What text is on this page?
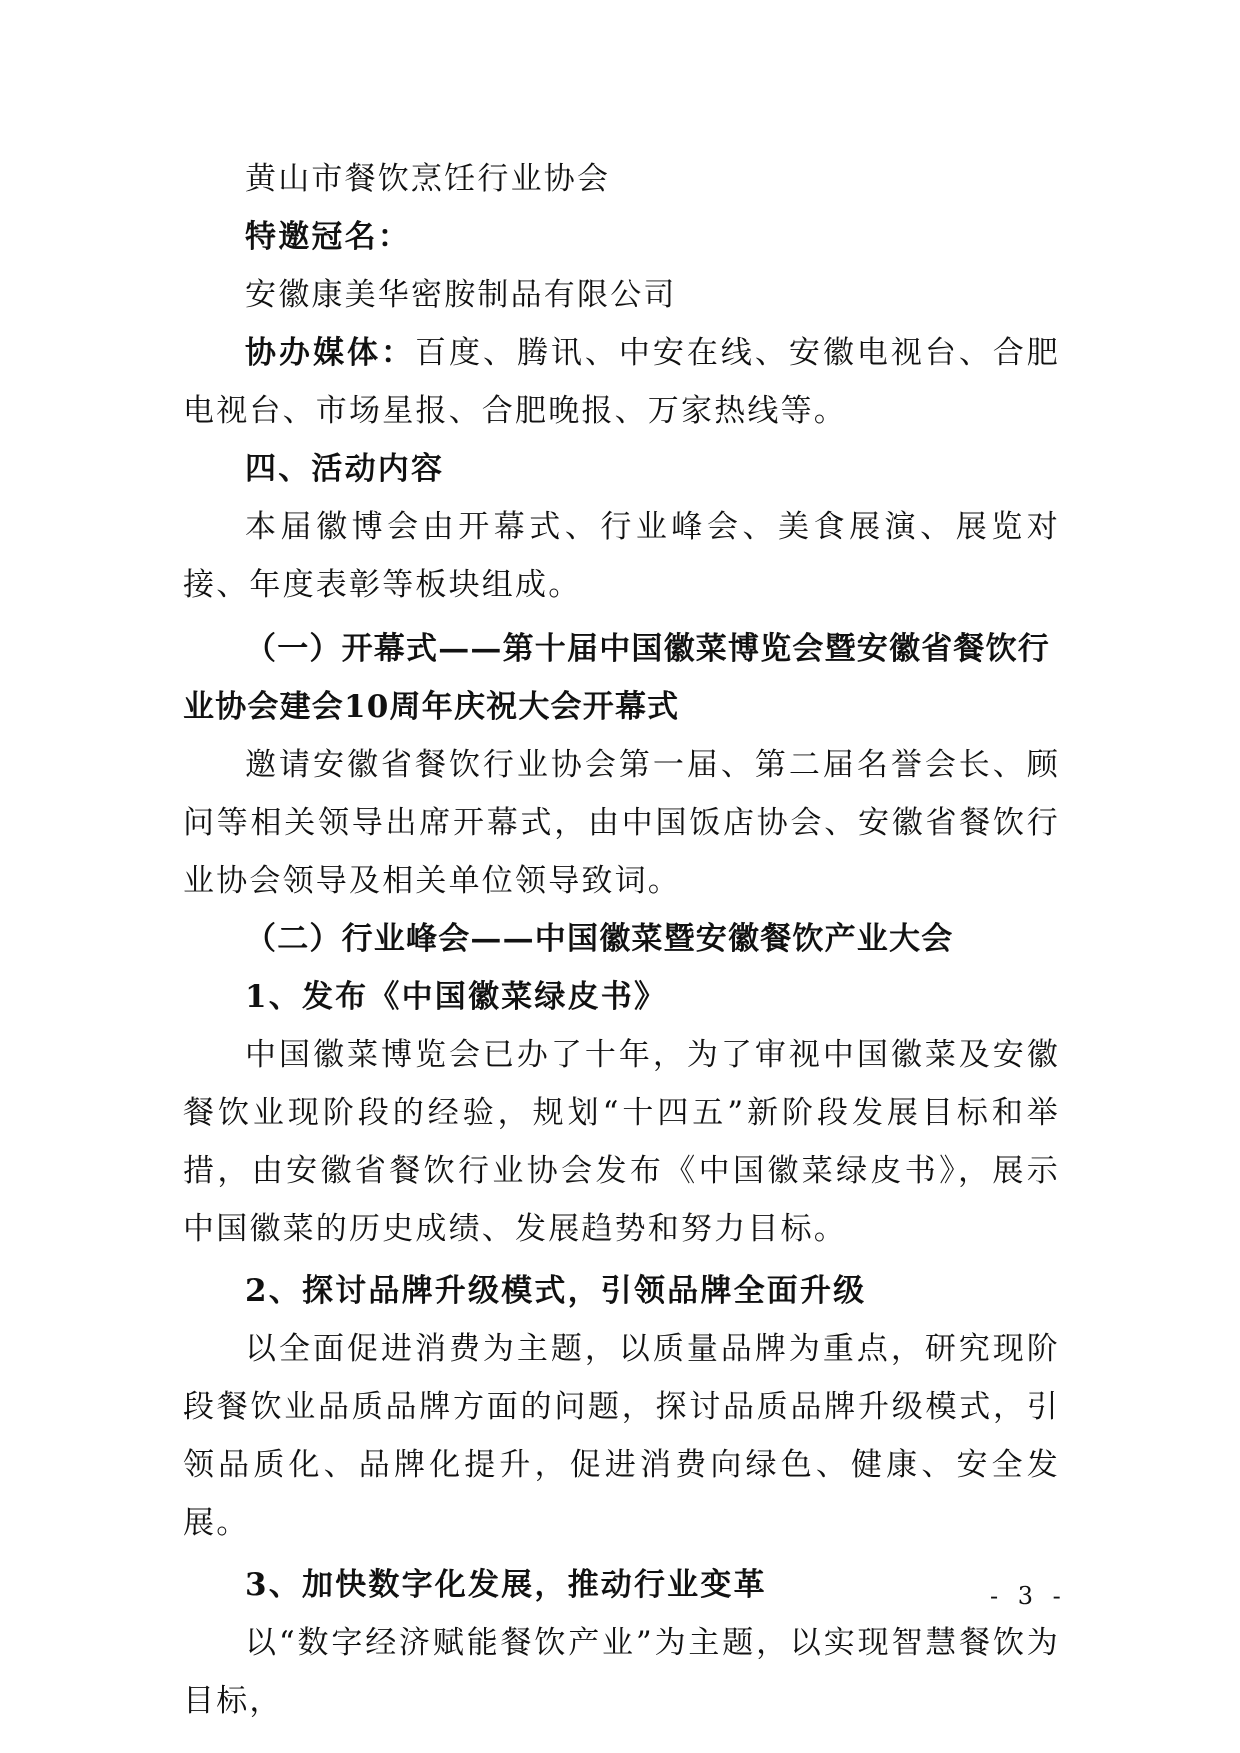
黄山市餐饮烹饪行业协会

特邀冠名：

安徽康美华密胺制品有限公司

协办媒体：百度、腾讯、中安在线、安徽电视台、合肥电视台、市场星报、合肥晚报、万家热线等。

四、活动内容

本届徽博会由开幕式、行业峰会、美食展演、展览对接、年度表彰等板块组成。

（一）开幕式——第十届中国徽菜博览会暨安徽省餐饮行业协会建会10周年庆祝大会开幕式

邀请安徽省餐饮行业协会第一届、第二届名誉会长、顾问等相关领导出席开幕式，由中国饭店协会、安徽省餐饮行业协会领导及相关单位领导致词。

（二）行业峰会——中国徽菜暨安徽餐饮产业大会

1、发布《中国徽菜绿皮书》

中国徽菜博览会已办了十年，为了审视中国徽菜及安徽餐饮业现阶段的经验，规划“十四五”新阶段发展目标和举措，由安徽省餐饮行业协会发布《中国徽菜绿皮书》，展示中国徽菜的历史成绩、发展趋势和努力目标。

2、探讨品牌升级模式，引领品牌全面升级

以全面促进消费为主题，以质量品牌为重点，研究现阶段餐饮业品质品牌方面的问题，探讨品质品牌升级模式，引领品质化、品牌化提升，促进消费向绿色、健康、安全发展。

3、加快数字化发展，推动行业变革

以“数字经济赋能餐饮产业”为主题，以实现智慧餐饮为目标，

- 3 -
